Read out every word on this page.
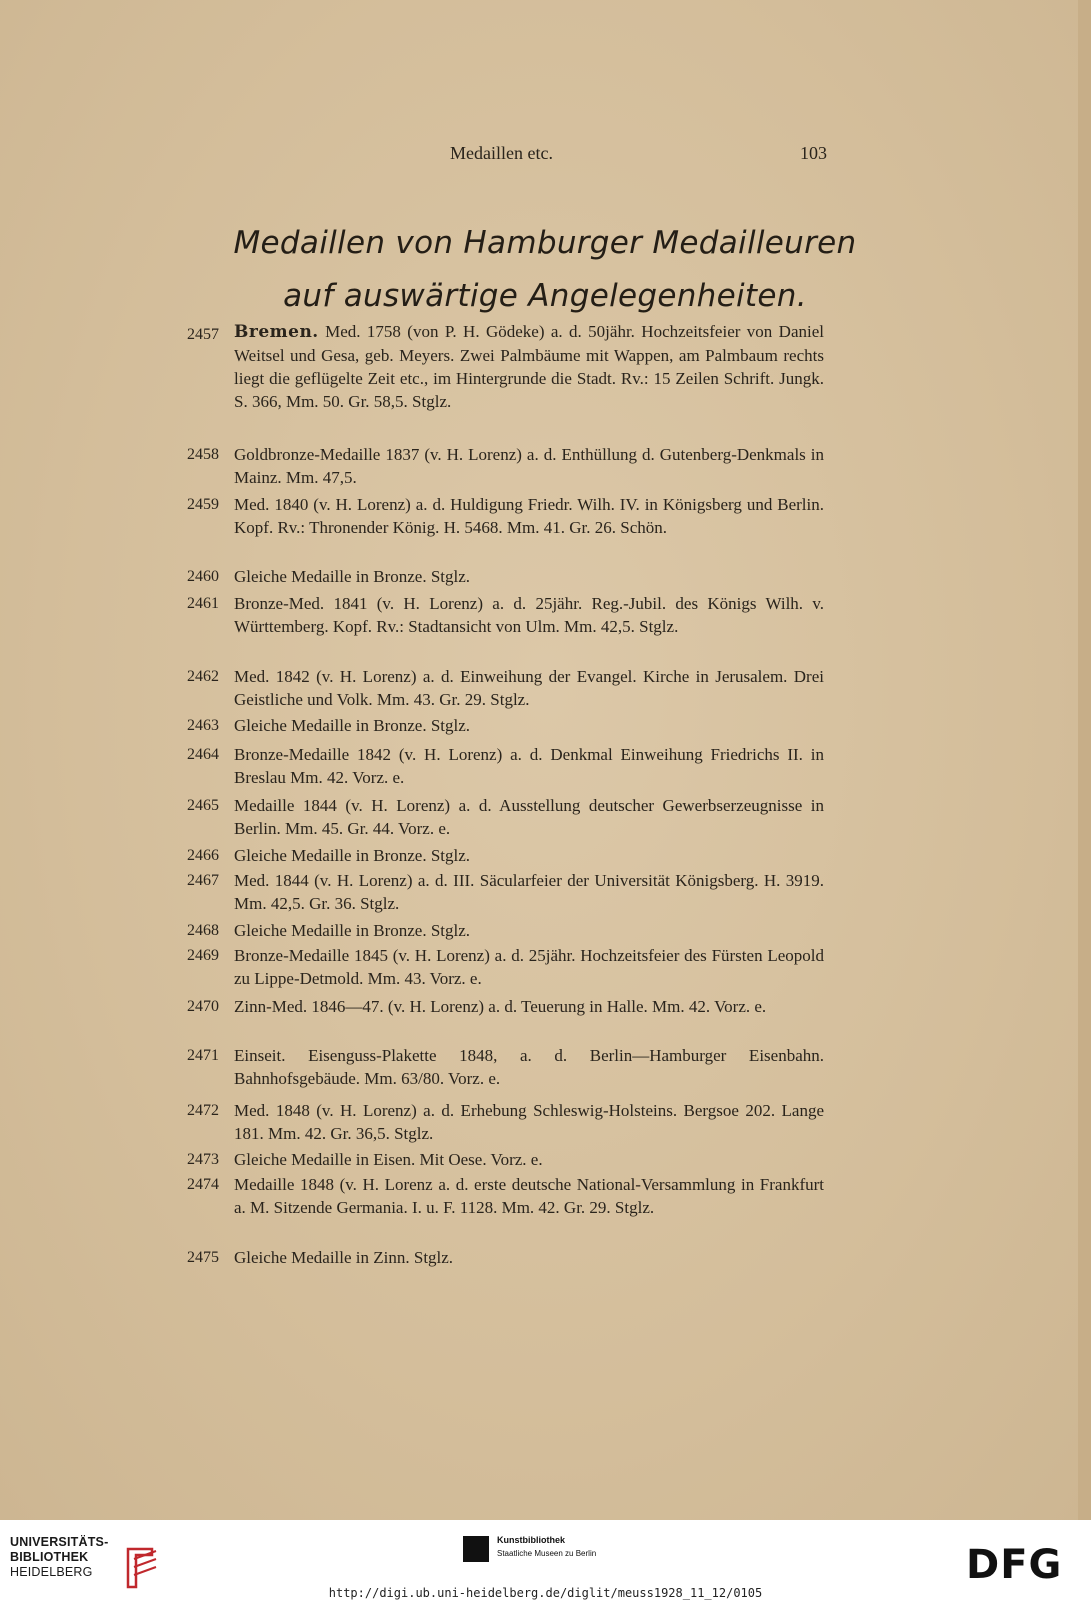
Medaillen etc.	103
Medaillen von Hamburger Medailleuren
auf auswärtige Angelegenheiten.
2457 Bremen. Med. 1758 (von P. H. Gödeke) a. d. 50jähr. Hochzeitsfeier von Daniel Weitsel und Gesa, geb. Meyers. Zwei Palmbäume mit Wappen, am Palmbaum rechts liegt die geflügelte Zeit etc., im Hintergrunde die Stadt. Rv.: 15 Zeilen Schrift. Jungk. S. 366, Mm. 50. Gr. 58,5. Stglz.
2458 Goldbronze-Medaille 1837 (v. H. Lorenz) a. d. Enthüllung d. Gutenberg-Denkmals in Mainz. Mm. 47,5.
2459 Med. 1840 (v. H. Lorenz) a. d. Huldigung Friedr. Wilh. IV. in Königsberg und Berlin. Kopf. Rv.: Thronender König. H. 5468. Mm. 41. Gr. 26. Schön.
2460 Gleiche Medaille in Bronze. Stglz.
2461 Bronze-Med. 1841 (v. H. Lorenz) a. d. 25jähr. Reg.-Jubil. des Königs Wilh. v. Württemberg. Kopf. Rv.: Stadtansicht von Ulm. Mm. 42,5. Stglz.
2462 Med. 1842 (v. H. Lorenz) a. d. Einweihung der Evangel. Kirche in Jerusalem. Drei Geistliche und Volk. Mm. 43. Gr. 29. Stglz.
2463 Gleiche Medaille in Bronze. Stglz.
2464 Bronze-Medaille 1842 (v. H. Lorenz) a. d. Denkmal Einweihung Friedrichs II. in Breslau Mm. 42. Vorz. e.
2465 Medaille 1844 (v. H. Lorenz) a. d. Ausstellung deutscher Gewerbserzeugnisse in Berlin. Mm. 45. Gr. 44. Vorz. e.
2466 Gleiche Medaille in Bronze. Stglz.
2467 Med. 1844 (v. H. Lorenz) a. d. III. Säcularfeier der Universität Königsberg. H. 3919. Mm. 42,5. Gr. 36. Stglz.
2468 Gleiche Medaille in Bronze. Stglz.
2469 Bronze-Medaille 1845 (v. H. Lorenz) a. d. 25jähr. Hochzeitsfeier des Fürsten Leopold zu Lippe-Detmold. Mm. 43. Vorz. e.
2470 Zinn-Med. 1846—47. (v. H. Lorenz) a. d. Teuerung in Halle. Mm. 42. Vorz. e.
2471 Einseit. Eisenguss-Plakette 1848, a. d. Berlin—Hamburger Eisenbahn. Bahnhofsgebäude. Mm. 63/80. Vorz. e.
2472 Med. 1848 (v. H. Lorenz) a. d. Erhebung Schleswig-Holsteins. Bergsoe 202. Lange 181. Mm. 42. Gr. 36,5. Stglz.
2473 Gleiche Medaille in Eisen. Mit Oese. Vorz. e.
2474 Medaille 1848 (v. H. Lorenz a. d. erste deutsche National-Versammlung in Frankfurt a. M. Sitzende Germania. I. u. F. 1128. Mm. 42. Gr. 29. Stglz.
2475 Gleiche Medaille in Zinn. Stglz.
UNIVERSITÄTS-
BIBLIOTHEK
HEIDELBERG
Kunstbibliothek
Staatliche Museen zu Berlin	DFG
http://digi.ub.uni-heidelberg.de/diglit/meuss1928_11_12/0105
